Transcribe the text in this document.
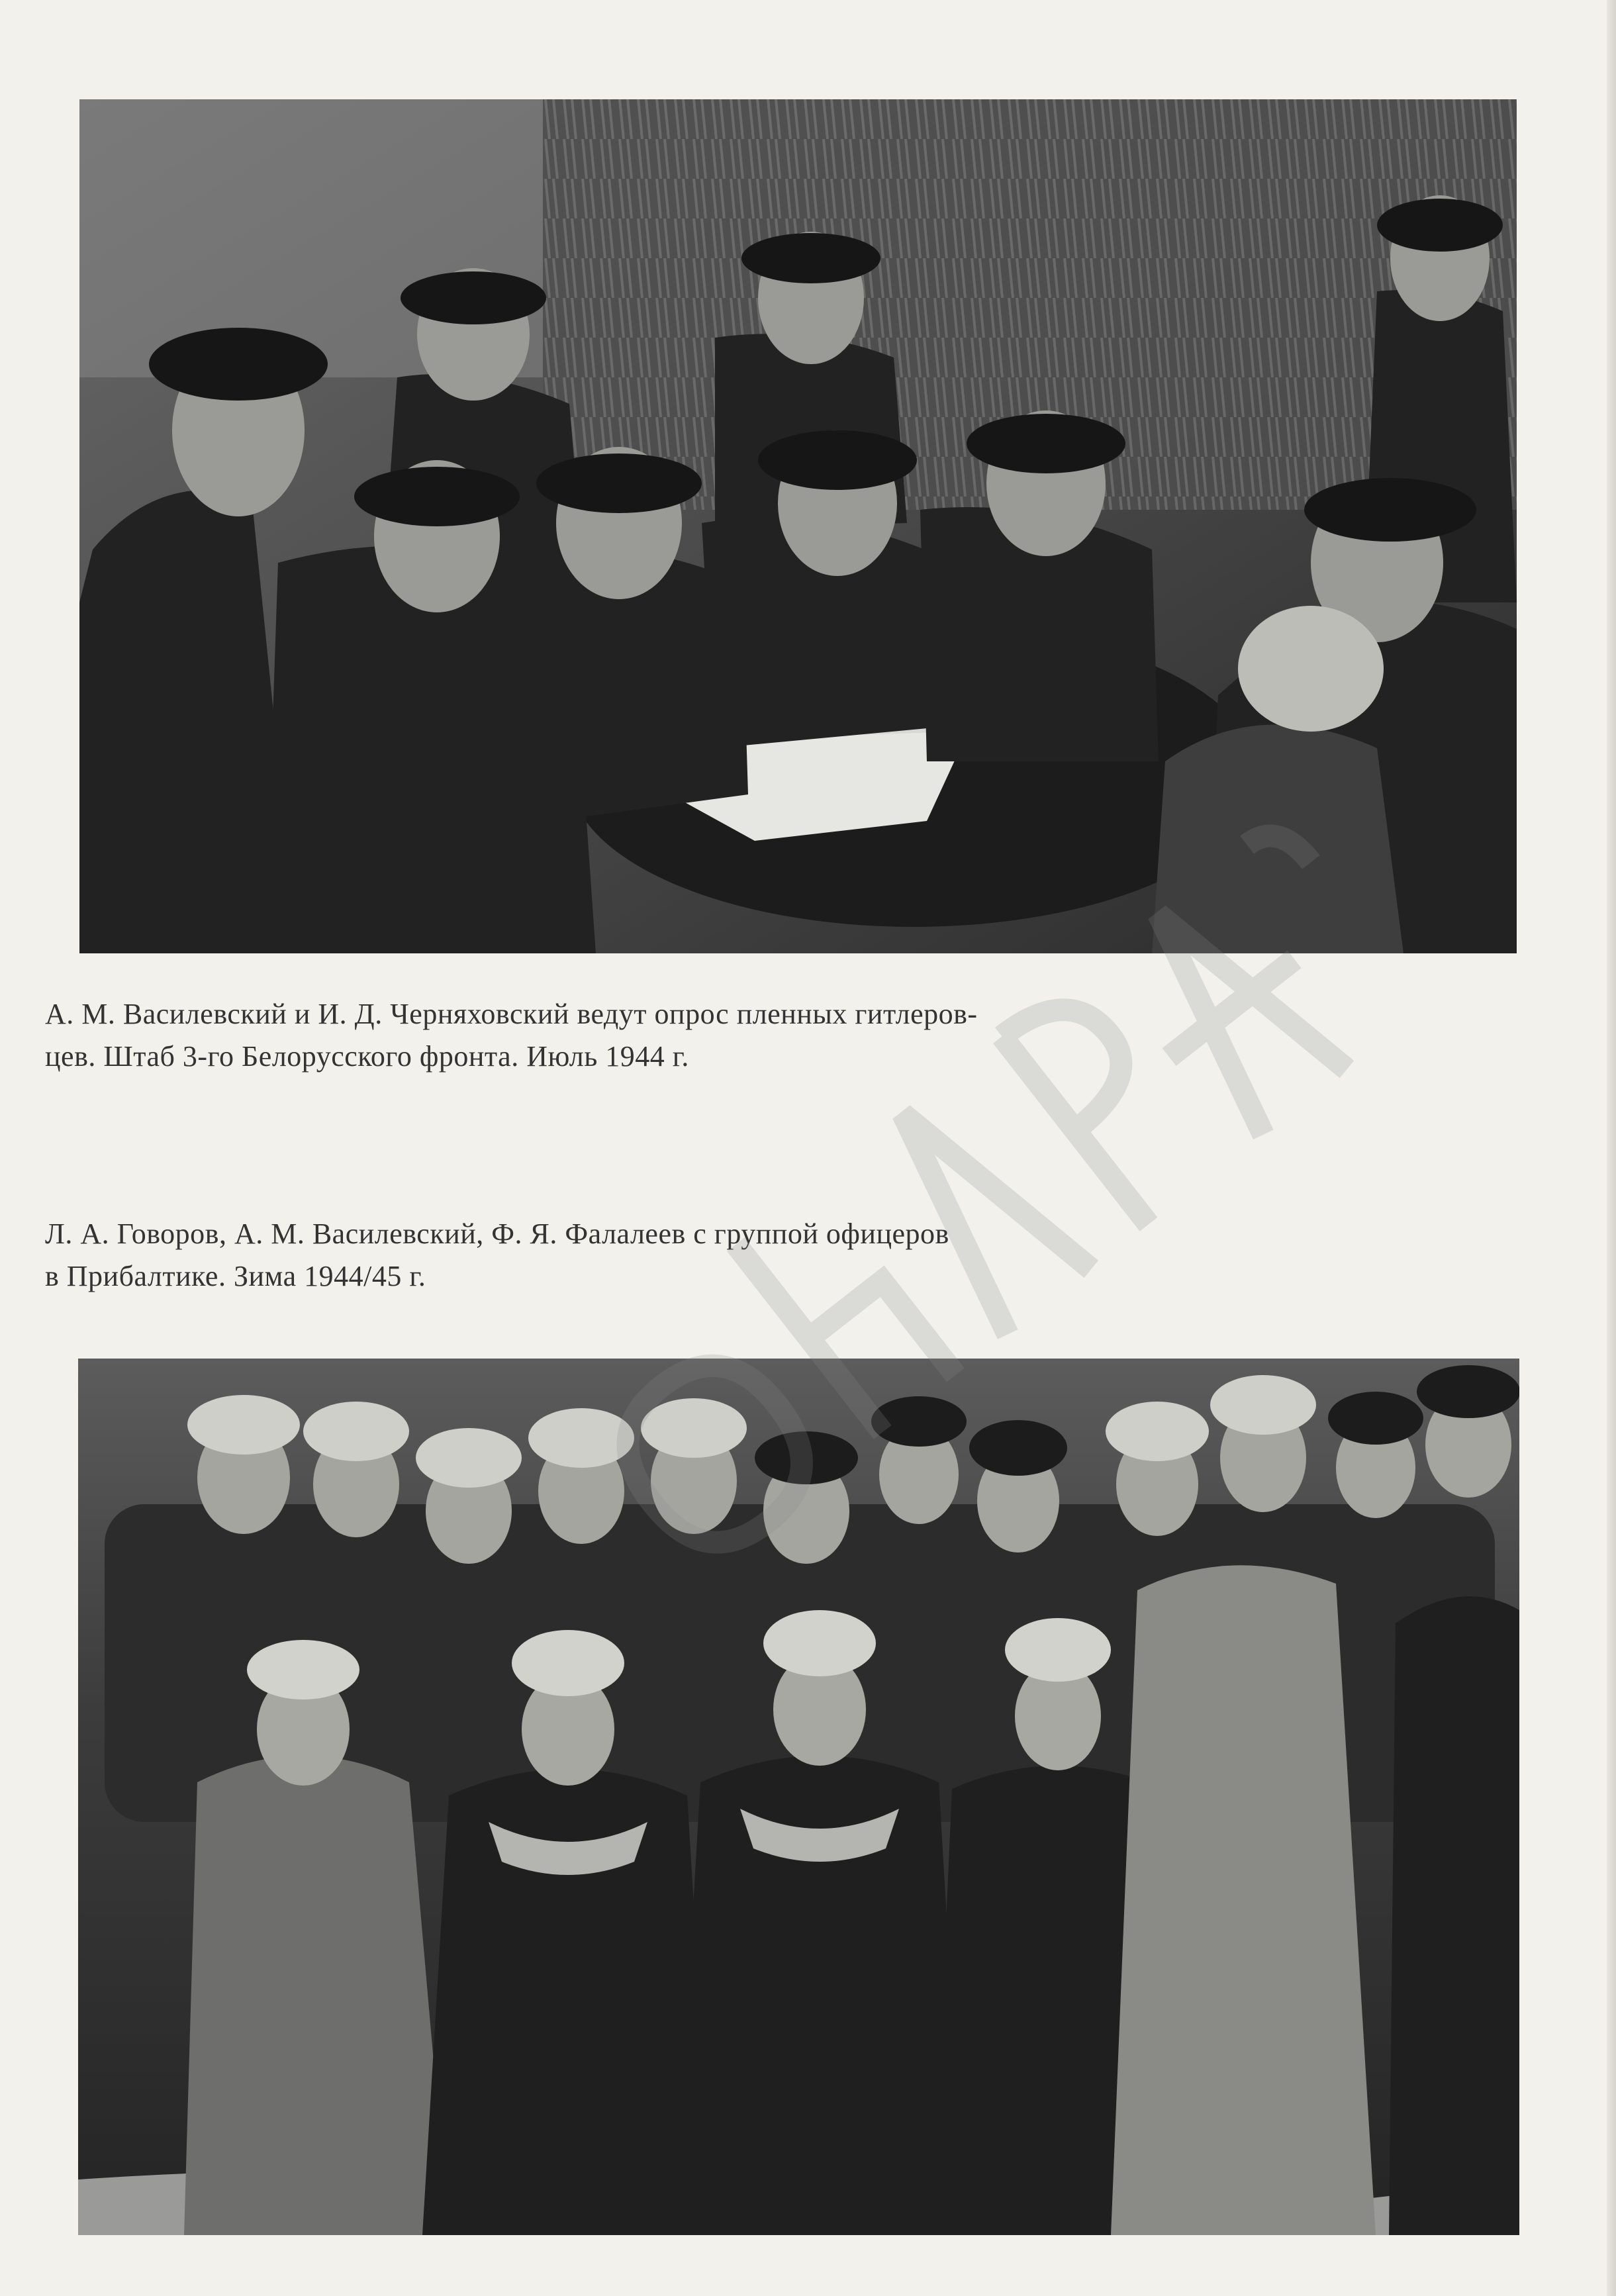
А. М. Василевский и И. Д. Черняховский ведут опрос пленных гитлеров-
цев. Штаб 3-го Белорусского фронта. Июль 1944 г.
Л. А. Говоров, А. М. Василевский, Ф. Я. Фалалеев с группой офицеров
в Прибалтике. Зима 1944/45 г.
